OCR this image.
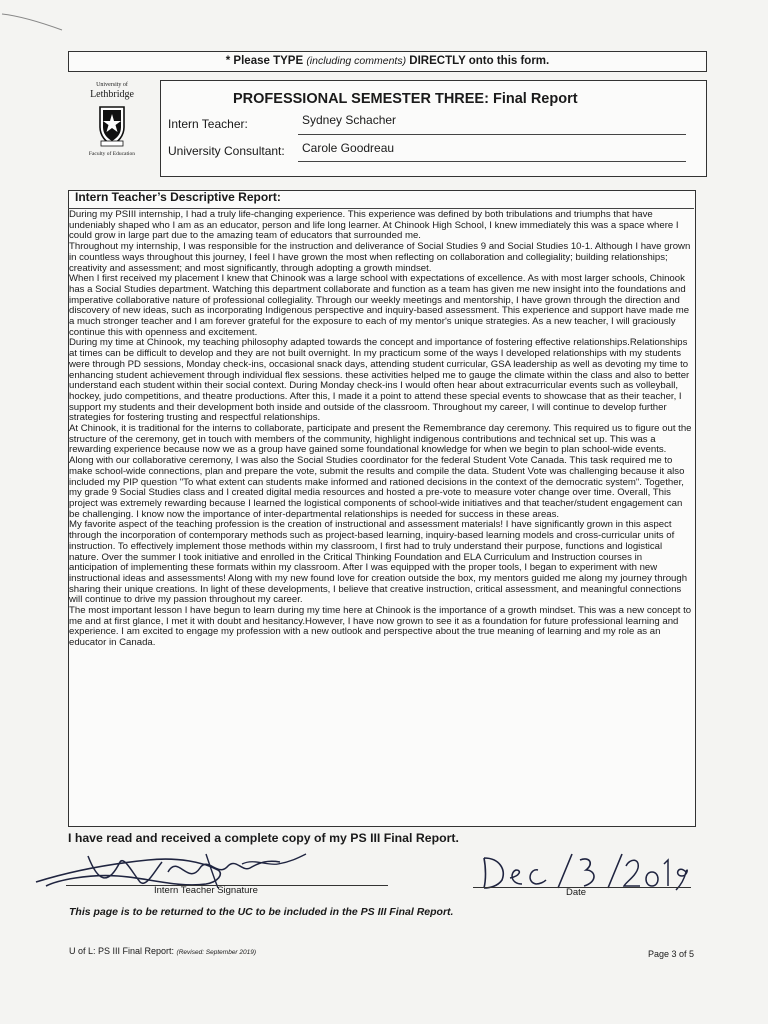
* Please TYPE (including comments) DIRECTLY onto this form.
University of
Lethbridge
Faculty of Education
PROFESSIONAL SEMESTER THREE: Final Report
Intern Teacher:	Sydney Schacher
University Consultant: Carole Goodreau
Intern Teacher’s Descriptive Report:

During my PSIII internship, I had a truly life-changing experience. This experience was defined by both tribulations and triumphs that have undeniably shaped who I am as an educator, person and life long learner. At Chinook High School, I knew immediately this was a space where I could grow in large part due to the amazing team of educators that surrounded me.

Throughout my internship, I was responsible for the instruction and deliverance of Social Studies 9 and Social Studies 10-1. Although I have grown in countless ways throughout this journey, I feel I have grown the most when reflecting on collaboration and collegiality; building relationships; creativity and assessment; and most significantly, through adopting a growth mindset.

When I first received my placement I knew that Chinook was a large school with expectations of excellence. As with most larger schools, Chinook has a Social Studies department. Watching this department collaborate and function as a team has given me new insight into the foundations and imperative collaborative nature of professional collegiality. Through our weekly meetings and mentorship, I have grown through the direction and discovery of new ideas, such as incorporating Indigenous perspective and inquiry-based assessment. This experience and support have made me a much stronger teacher and I am forever grateful for the exposure to each of my mentor's unique strategies. As a new teacher, I will graciously continue this with openness and excitement.

During my time at Chinook, my teaching philosophy adapted towards the concept and importance of fostering effective relationships.Relationships at times can be difficult to develop and they are not built overnight. In my practicum some of the ways I developed relationships with my students were through PD sessions, Monday check-ins, occasional snack days, attending student curricular, GSA leadership as well as devoting my time to enhancing student achievement through individual flex sessions. these activities helped me to gauge the climate within the class and also to better understand each student within their social context. During Monday check-ins I would often hear about extracurricular events such as volleyball, hockey, judo competitions, and theatre productions. After this, I made it a point to attend these special events to showcase that as their teacher, I support my students and their development both inside and outside of the classroom. Throughout my career, I will continue to develop further strategies for fostering trusting and respectful relationships.

At Chinook, it is traditional for the interns to collaborate, participate and present the Remembrance day ceremony. This required us to figure out the structure of the ceremony, get in touch with members of the community, highlight indigenous contributions and technical set up. This was a rewarding experience because now we as a group have gained some foundational knowledge for when we begin to plan school-wide events. Along with our collaborative ceremony, I was also the Social Studies coordinator for the federal Student Vote Canada. This task required me to make school-wide connections, plan and prepare the vote, submit the results and compile the data. Student Vote was challenging because it also included my PIP question "To what extent can students make informed and rationed decisions in the context of the democratic system". Together, my grade 9 Social Studies class and I created digital media resources and hosted a pre-vote to measure voter change over time. Overall, This project was extremely rewarding because I learned the logistical components of school-wide initiatives and that teacher/student engagement can be challenging. I know now the importance of inter-departmental relationships is needed for success in these areas.

My favorite aspect of the teaching profession is the creation of instructional and assessment materials! I have significantly grown in this aspect through the incorporation of contemporary methods such as project-based learning, inquiry-based learning models and cross-curricular units of instruction. To effectively implement those methods within my classroom, I first had to truly understand their purpose, functions and logistical nature. Over the summer I took initiative and enrolled in the Critical Thinking Foundation and ELA Curriculum and Instruction courses in anticipation of implementing these formats within my classroom. After I was equipped with the proper tools, I began to experiment with new instructional ideas and assessments! Along with my new found love for creation outside the box, my mentors guided me along my journey through sharing their unique creations. In light of these developments, I believe that creative instruction, critical assessment, and meaningful connections will continue to drive my passion throughout my career.

The most important lesson I have begun to learn during my time here at Chinook is the importance of a growth mindset. This was a new concept to me and at first glance, I met it with doubt and hesitancy.However, I have now grown to see it as a foundation for future professional learning and experience. I am excited to engage my profession with a new outlook and perspective about the true meaning of learning and my role as an educator in Canada.

I have read and received a complete copy of my PS III Final Report.
Intern Teacher Signature	Date
This page is to be returned to the UC to be included in the PS III Final Report.
U of L: PS III Final Report: (Revised: September 2019)	Page 3 of 5
